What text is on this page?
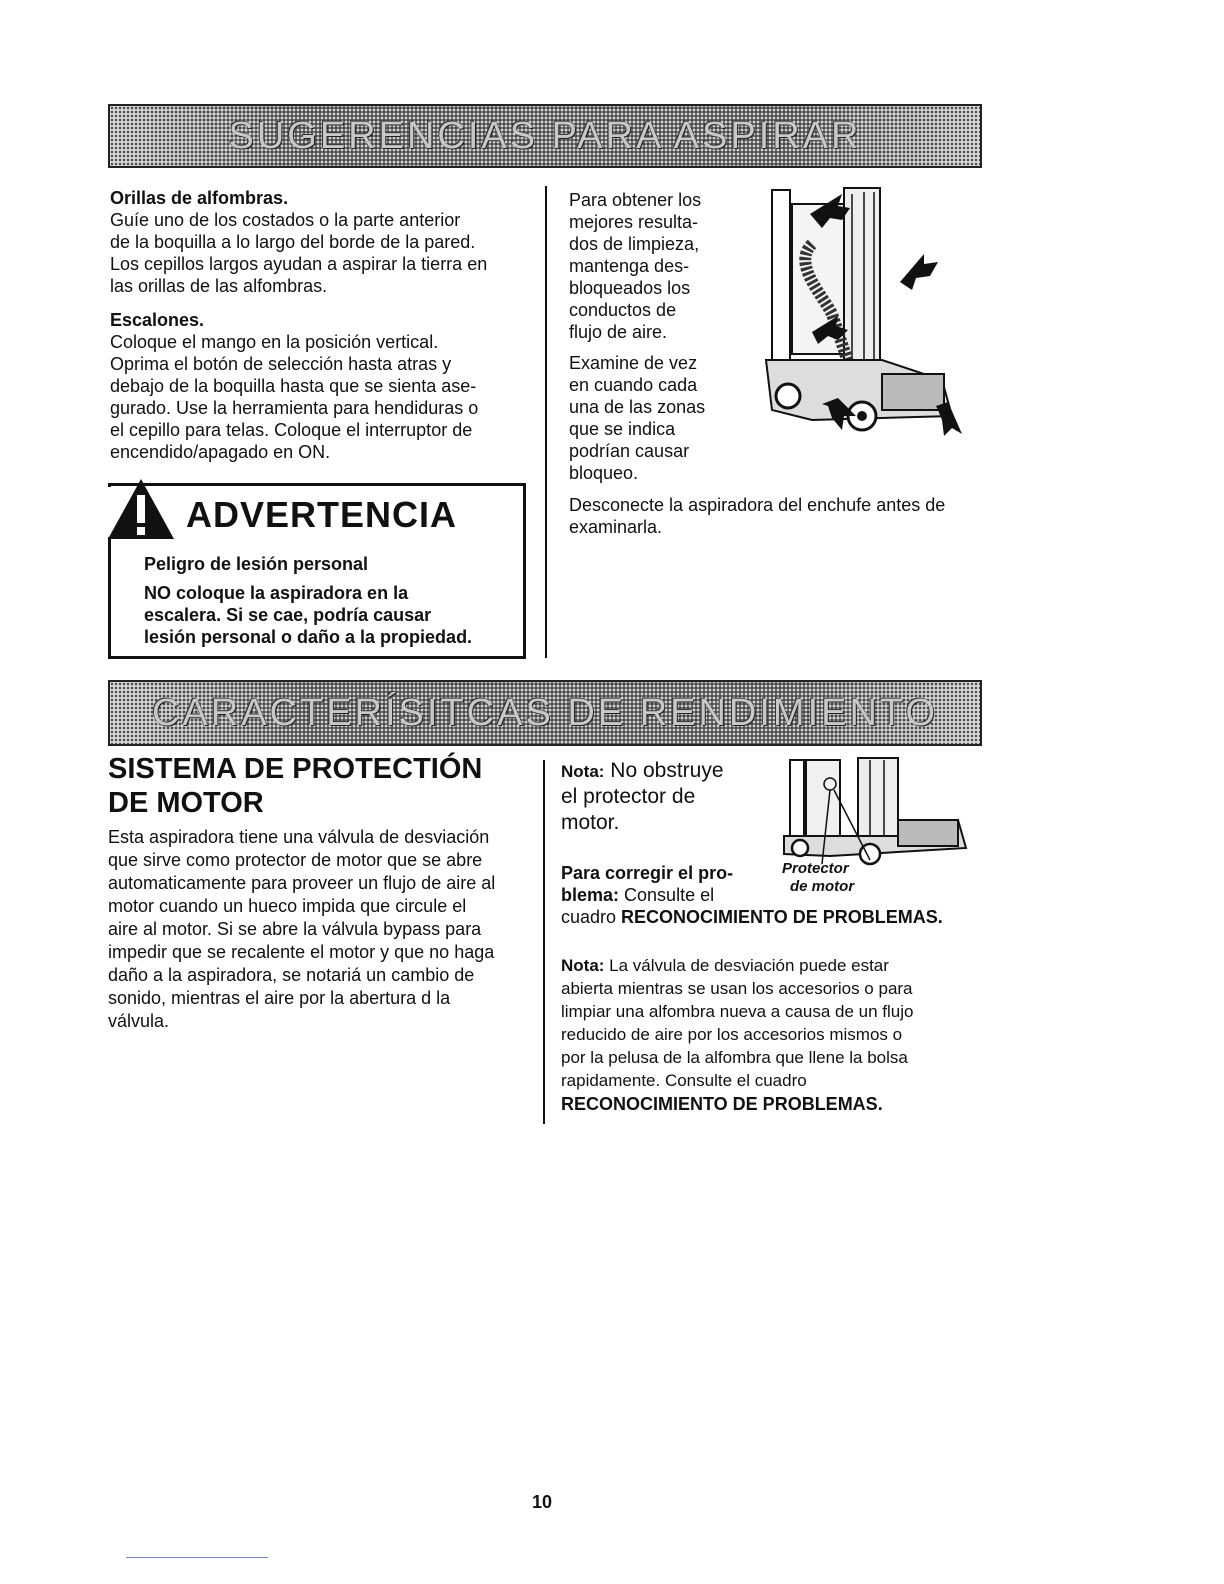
SUGERENCIAS PARA ASPIRAR
Orillas de alfombras.
Guíe uno de los costados o la parte anterior
de la boquilla a lo largo del borde de la pared.
Los cepillos largos ayudan a aspirar la tierra en
las orillas de las alfombras.
Escalones.
Coloque el mango en la posición vertical.
Oprima el botón de selección hasta atras y
debajo de la boquilla hasta que se sienta ase-
gurado. Use la herramienta para hendiduras o
el cepillo para telas. Coloque el interruptor de
encendido/apagado en ON.
ADVERTENCIA
Peligro de lesión personal
NO coloque la aspiradora en la
escalera. Si se cae, podría causar
lesión personal o daño a la propiedad.
Para obtener los
mejores resulta-
dos de limpieza,
mantenga des-
bloqueados los
conductos de
flujo de aire.
Examine de vez
en cuando cada
una de las zonas
que se indica
podrían causar
bloqueo.
Desconecte la aspiradora del enchufe antes de
examinarla.
CARACTERÍSITCAS DE RENDIMIENTO
SISTEMA DE PROTECTIÓN
DE MOTOR
Esta aspiradora tiene una válvula de desviación
que sirve como protector de motor que se abre
automaticamente para proveer un flujo de aire al
motor cuando un hueco impida que circule el
aire al motor. Si se abre la válvula bypass para
impedir que se recalente el motor y que no haga
daño a la aspiradora, se notariá un cambio de
sonido, mientras el aire por la abertura d la
válvula.
Nota: No obstruye
el protector de
motor.
Para corregir el pro-
blema: Consulte el
cuadro RECONOCIMIENTO DE PROBLEMAS.
Protector
de motor
Nota: La válvula de desviación puede estar
abierta mientras se usan los accesorios o para
limpiar una alfombra nueva a causa de un flujo
reducido de aire por los accesorios mismos o
por la pelusa de la alfombra que llene la bolsa
rapidamente. Consulte el cuadro
RECONOCIMIENTO DE PROBLEMAS.
10
